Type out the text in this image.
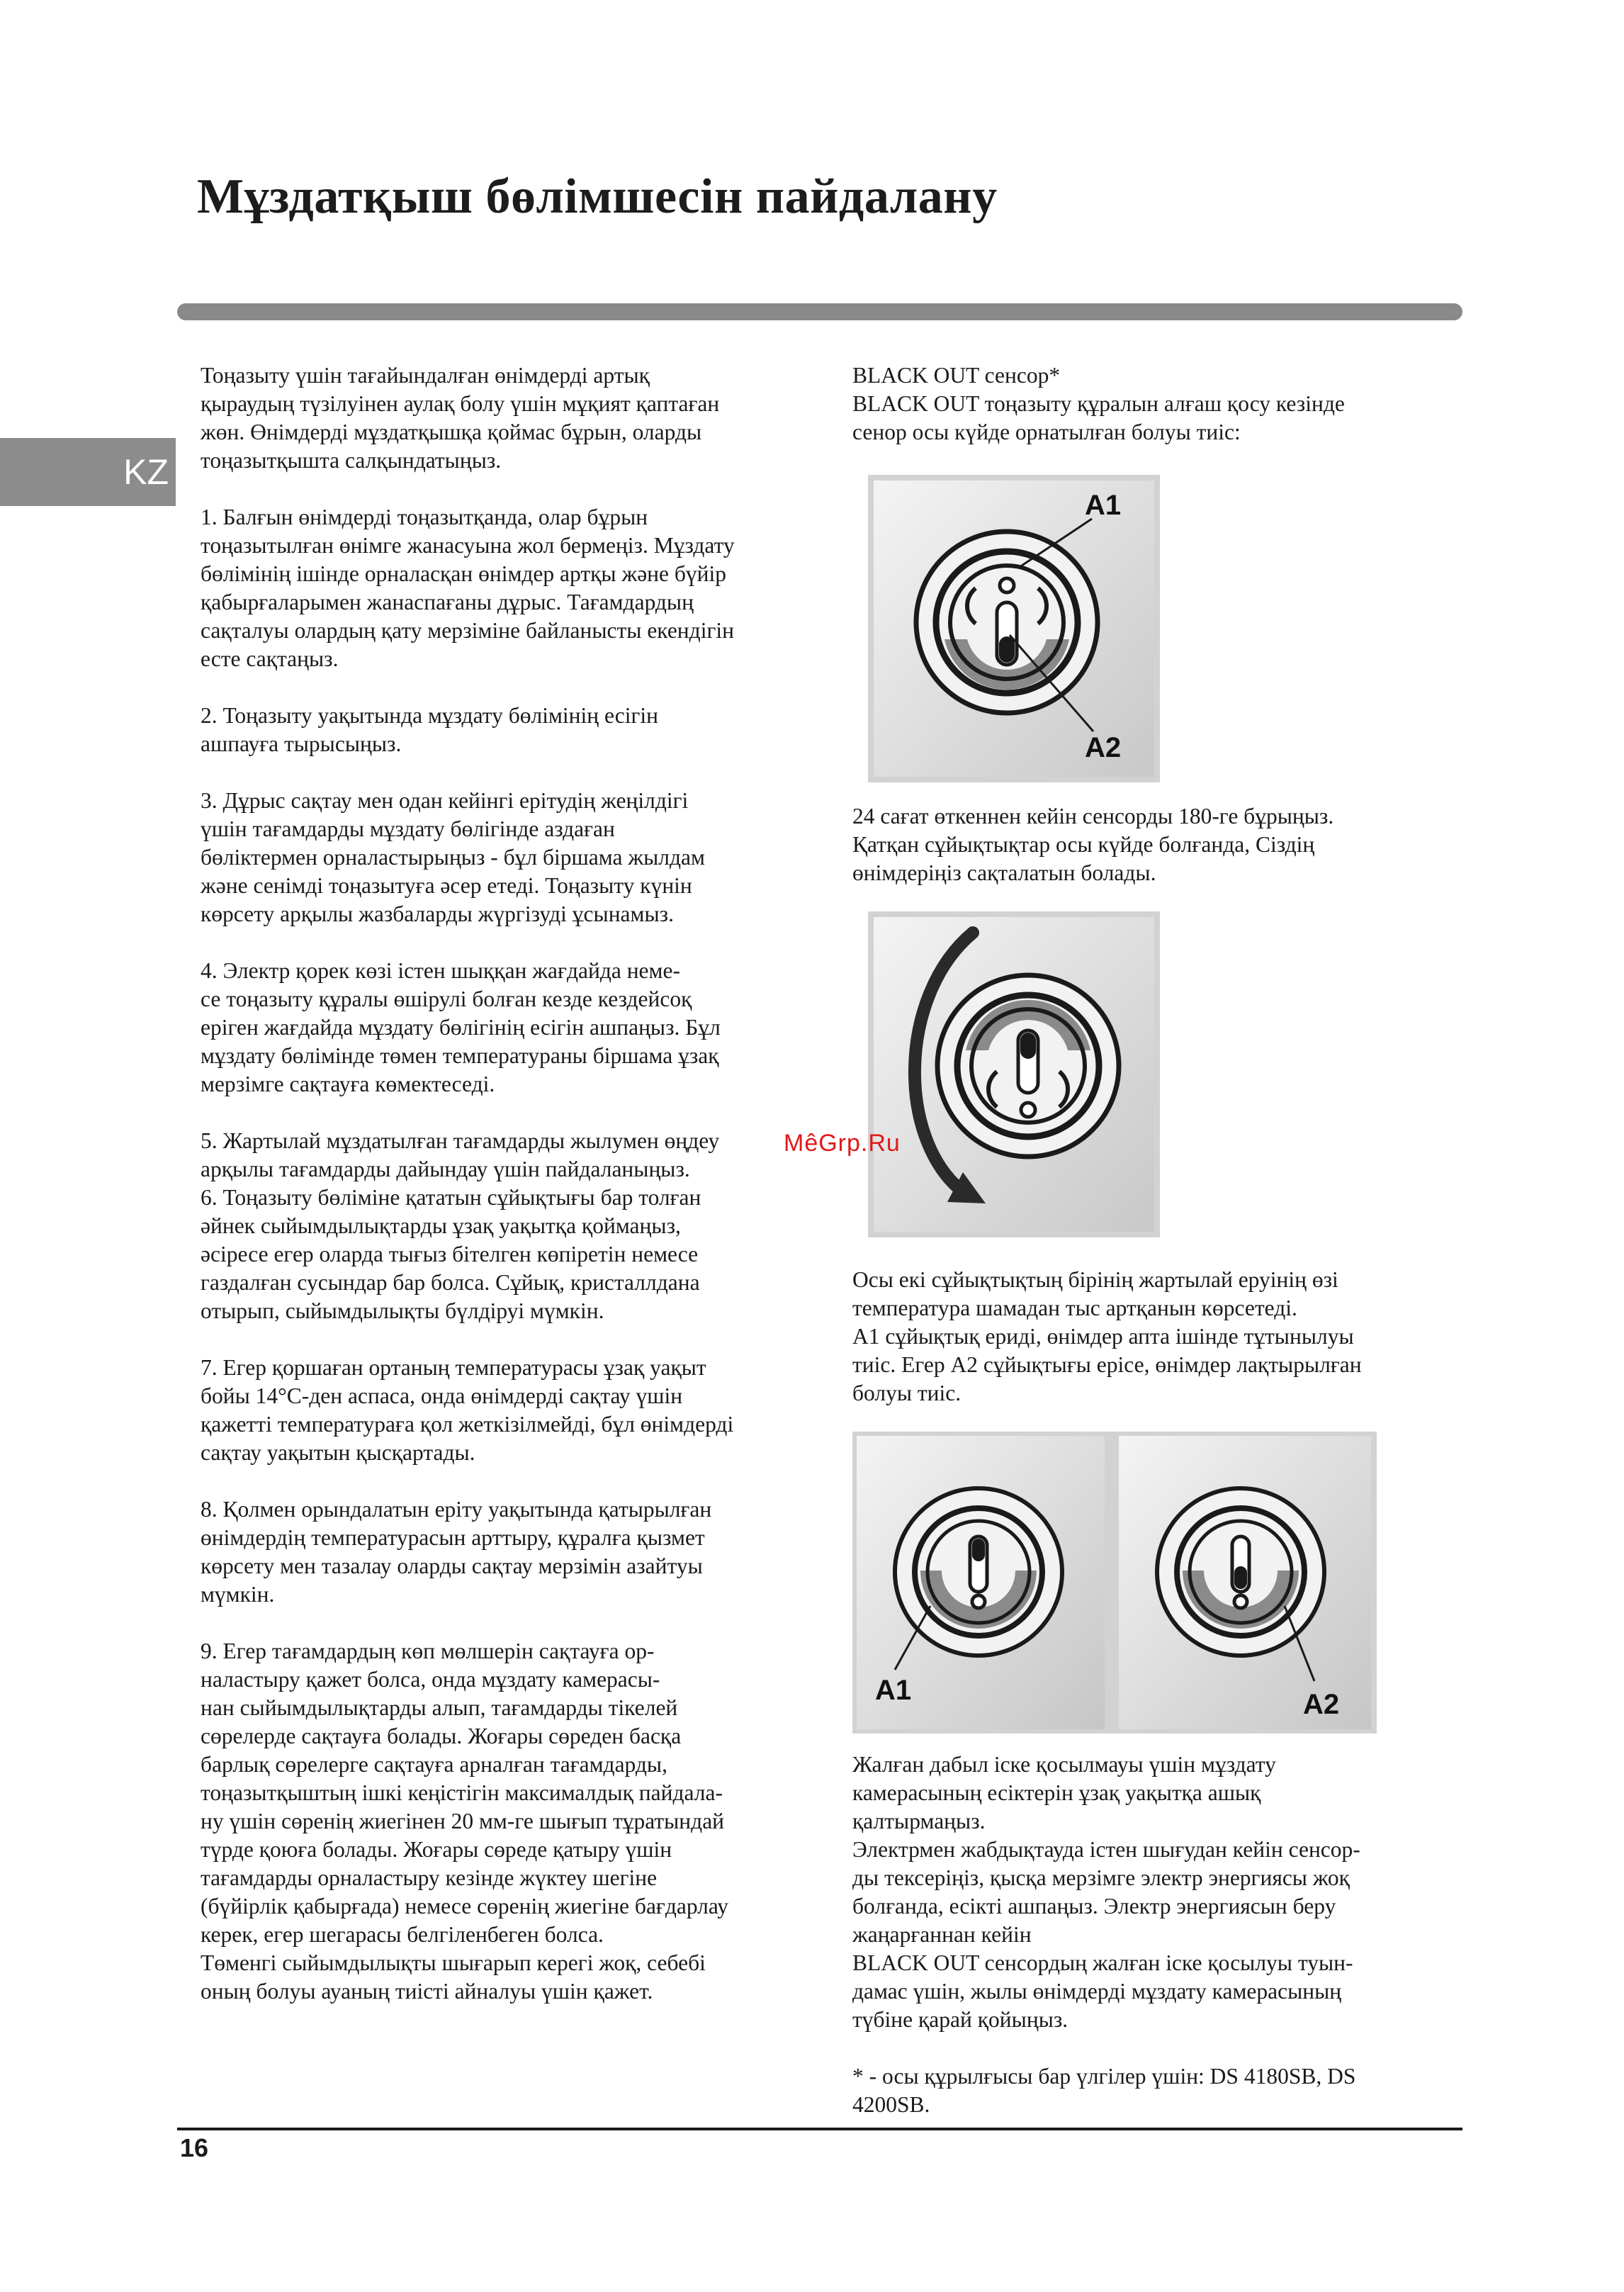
Мұздатқыш бөлімшесін пайдалану
KZ

Тоңазыту үшін тағайындалған өнімдерді артық
қыраудың түзілуінен аулақ болу үшін мұқият қаптаған
жөн. Өнімдерді мұздатқышқа қоймас бұрын, оларды
тоңазытқышта салқындатыңыз.

1. Балғын өнімдерді тоңазытқанда, олар бұрын
тоңазытылған өнімге жанасуына жол бермеңіз. Мұздату
бөлімінің ішінде орналасқан өнімдер артқы және бүйір
қабырғаларымен жанаспағаны дұрыс. Тағамдардың
сақталуы олардың қату мерзіміне байланысты екендігін
есте сақтаңыз.

2. Тоңазыту уақытында мұздату бөлімінің есігін
ашпауға тырысыңыз.

3. Дұрыс сақтау мен одан кейінгі ерітудің жеңілдігі
үшін тағамдарды мұздату бөлігінде аздаған
бөліктермен орналастырыңыз - бұл біршама жылдам
және сенімді тоңазытуға әсер етеді. Тоңазыту күнін
көрсету арқылы жазбаларды жүргізуді ұсынамыз.

4. Электр қорек көзі істен шыққан жағдайда неме-
се тоңазыту құралы өшірулі болған кезде кездейсоқ
еріген жағдайда мұздату бөлігінің есігін ашпаңыз. Бұл
мұздату бөлімінде төмен температураны біршама ұзақ
мерзімге сақтауға көмектеседі.

5. Жартылай мұздатылған тағамдарды жылумен өңдеу
арқылы тағамдарды дайындау үшін пайдаланыңыз.
6. Тоңазыту бөліміне қататын сұйықтығы бар толған
әйнек сыйымдылықтарды ұзақ уақытқа қоймаңыз,
әсіресе егер оларда тығыз бітелген көпіретін немесе
газдалған сусындар бар болса. Сұйық, кристаллдана
отырып, сыйымдылықты бүлдіруі мүмкін.

7. Егер қоршаған ортаның температурасы ұзақ уақыт
бойы 14°С-ден аспаса, онда өнімдерді сақтау үшін
қажетті температураға қол жеткізілмейді, бұл өнімдерді
сақтау уақытын қысқартады.

8. Қолмен орындалатын еріту уақытында қатырылған
өнімдердің температурасын арттыру, құралға қызмет
көрсету мен тазалау оларды сақтау мерзімін азайтуы
мүмкін.

9. Егер тағамдардың көп мөлшерін сақтауға ор-
наластыру қажет болса, онда мұздату камерасы-
нан сыйымдылықтарды алып, тағамдарды тікелей
сөрелерде сақтауға болады. Жоғары сөреден басқа
барлық сөрелерге сақтауға арналған тағамдарды,
тоңазытқыштың ішкі кеңістігін максималдық пайдала-
ну үшін сөренің жиегінен 20 мм-ге шығып тұратындай
түрде қоюға болады. Жоғары сөреде қатыру үшін
тағамдарды орналастыру кезінде жүктеу шегіне
(бүйірлік қабырғада) немесе сөренің жиегіне бағдарлау
керек, егер шегарасы белгіленбеген болса.
Төменгі сыйымдылықты шығарып керегі жоқ, себебі
оның болуы ауаның тиісті айналуы үшін қажет.

BLACK OUT сенсор*
BLACK OUT тоңазыту құралын алғаш қосу кезінде
сенор осы күйде орнатылған болуы тиіс:

A1
A2

24 сағат өткеннен кейін сенсорды 180-ге бұрыңыз.
Қатқан сұйықтықтар осы күйде болғанда, Сіздің
өнімдеріңіз сақталатын болады.

Осы екі сұйықтықтың бірінің жартылай еруінің өзі
температура шамадан тыс артқанын көрсетеді.
А1 сұйықтық ериді, өнімдер апта ішінде тұтынылуы
тиіс. Егер А2 сұйықтығы ерісе, өнімдер лақтырылған
болуы тиіс.

A1	A2

Жалған дабыл іске қосылмауы үшін мұздату
камерасының есіктерін ұзақ уақытқа ашық
қалтырмаңыз.
Электрмен жабдықтауда істен шығудан кейін сенсор-
ды тексеріңіз, қысқа мерзімге электр энергиясы жоқ
болғанда, есікті ашпаңыз. Электр энергиясын беру
жаңарғаннан кейін
BLACK OUT сенсордың жалған іске қосылуы туын-
дамас үшін, жылы өнімдерді мұздату камерасының
түбіне қарай қойыңыз.

* - осы құрылғысы бар үлгілер үшін: DS 4180SB, DS
4200SB.

MêGrp.Ru
16
